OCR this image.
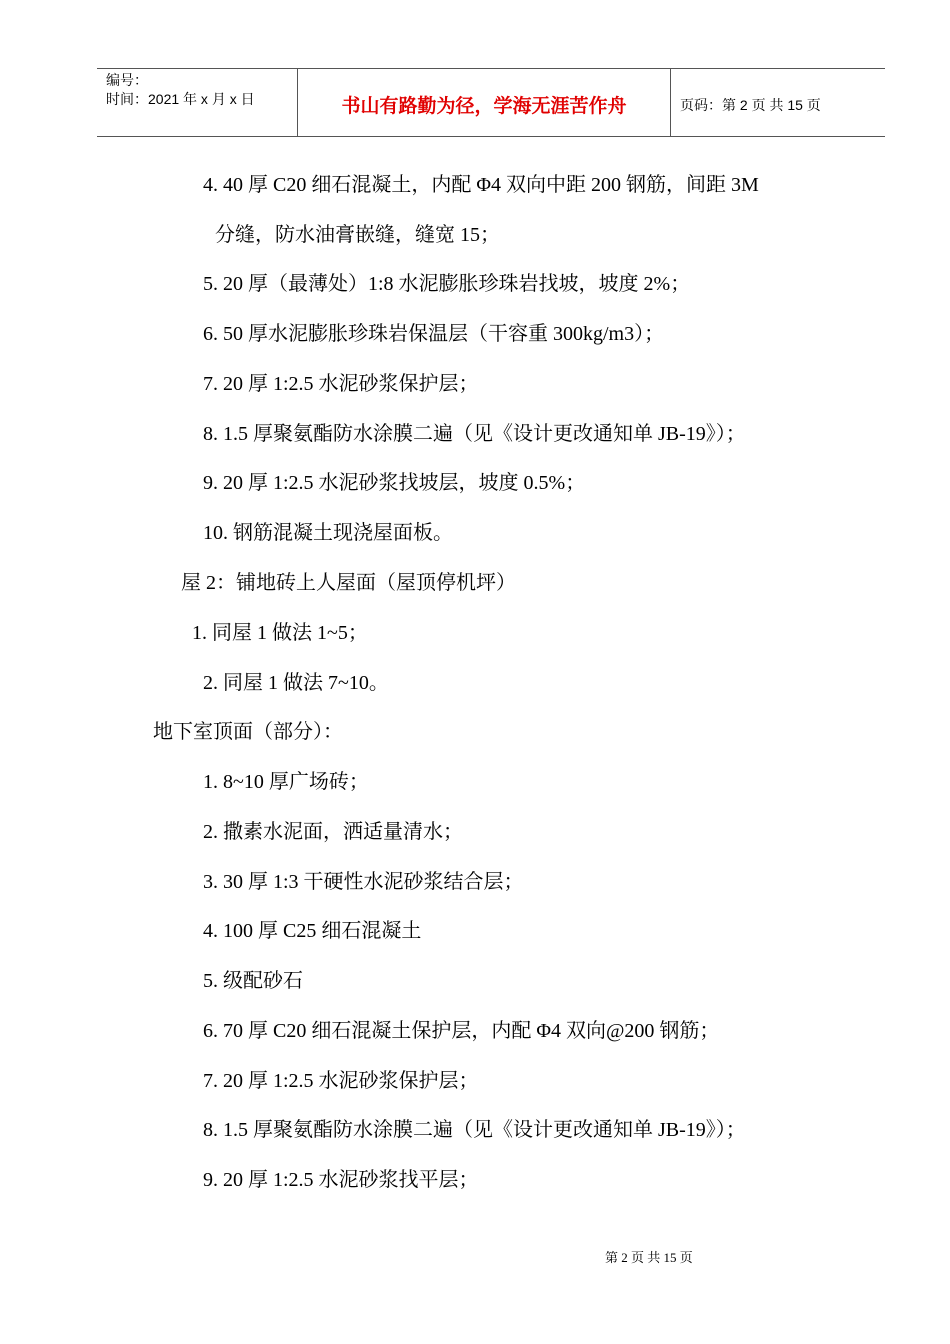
编号：
时间：2021 年 x 月 x 日	书山有路勤为径，学海无涯苦作舟	页码：第 2 页 共 15 页
4. 40 厚 C20 细石混凝土，内配 Φ4 双向中距 200 钢筋，间距 3M
分缝，防水油膏嵌缝，缝宽 15；
5. 20 厚（最薄处）1:8 水泥膨胀珍珠岩找坡，坡度 2%；
6. 50 厚水泥膨胀珍珠岩保温层（干容重 300kg/m3）；
7. 20 厚 1:2.5 水泥砂浆保护层；
8. 1.5 厚聚氨酯防水涂膜二遍（见《设计更改通知单 JB-19》）；
9. 20 厚 1:2.5 水泥砂浆找坡层，坡度 0.5%；
10. 钢筋混凝土现浇屋面板。
屋 2：铺地砖上人屋面（屋顶停机坪）
1. 同屋 1 做法 1~5；
2. 同屋 1 做法 7~10。
地下室顶面（部分）：
1. 8~10 厚广场砖；
2. 撒素水泥面，洒适量清水；
3. 30 厚 1:3 干硬性水泥砂浆结合层；
4. 100 厚 C25 细石混凝土
5. 级配砂石
6. 70 厚 C20 细石混凝土保护层，内配 Φ4 双向@200 钢筋；
7. 20 厚 1:2.5 水泥砂浆保护层；
8. 1.5 厚聚氨酯防水涂膜二遍（见《设计更改通知单 JB-19》）；
9. 20 厚 1:2.5 水泥砂浆找平层；
第 2 页 共 15 页
